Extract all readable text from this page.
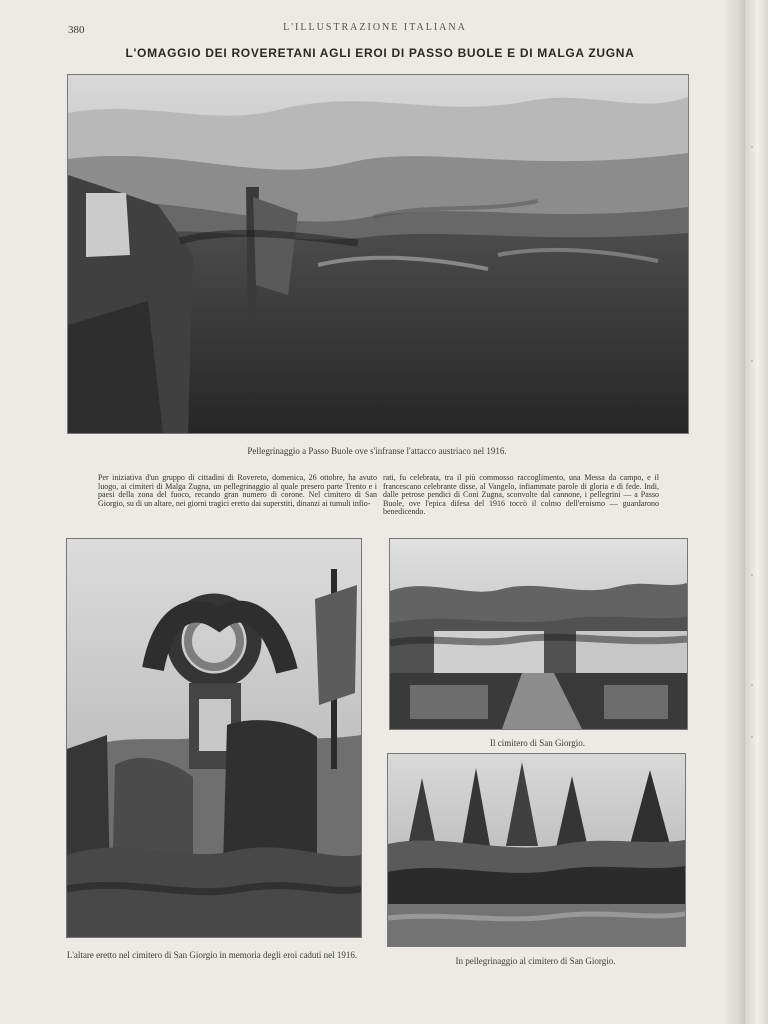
380	L'ILLUSTRAZIONE ITALIANA
L'OMAGGIO DEI ROVERETANI AGLI EROI DI PASSO BUOLE E DI MALGA ZUGNA
Pellegrinaggio a Passo Buole ove s'infranse l'attacco austriaco nel 1916.
Per iniziativa d'un gruppo di cittadini di Rovereto, domenica, 26 ottobre, ha avuto luogo, ai cimiteri di Malga Zugna, un pellegrinaggio al quale presero parte Trento e i paesi della zona del fuoco, recando gran numero di corone. Nel cimitero di San Giorgio, su di un altare, nei giorni tragici eretto dai superstiti, dinanzi ai tumuli infio-
rati, fu celebrata, tra il più commosso raccoglimento, una Messa da campo, e il francescano celebrante disse, al Vangelo, infiammate parole di gloria e di fede. Indi, dalle petrose pendici di Coni Zugna, sconvolte dal cannone, i pellegrini — a Passo Buole, ove l'epica difesa del 1916 toccò il colmo dell'eroismo — guardarono benedicendo.
L'altare eretto nel cimitero di San Giorgio in memoria degli eroi caduti nel 1916.
Il cimitero di San Giorgio.
In pellegrinaggio al cimitero di San Giorgio.
